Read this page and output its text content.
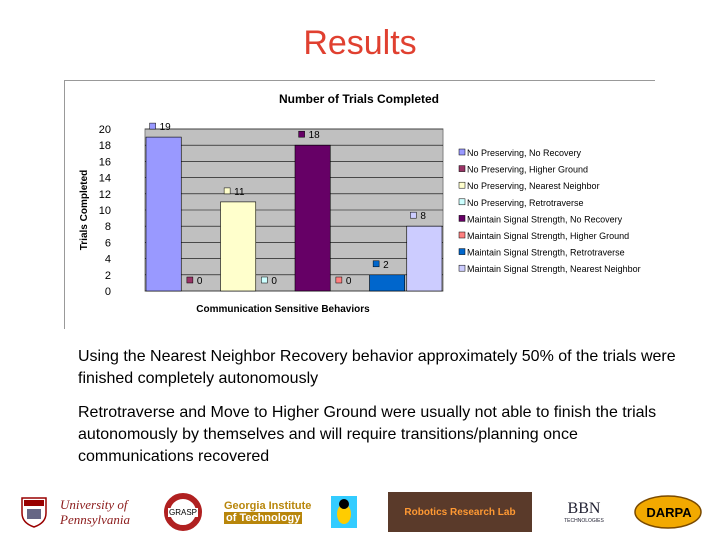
Results
0
2
4
6
8
10
12
14
16
18
20
Number of Trials Completed
Communication Sensitive Behaviors
Trials Completed
19
0
11
0
18
0
2
8
No Preserving, No Recovery
No Preserving, Higher Ground
No Preserving, Nearest Neighbor
No Preserving, Retrotraverse
Maintain Signal Strength, No Recovery
Maintain Signal Strength, Higher Ground
Maintain Signal Strength, Retrotraverse
Maintain Signal Strength, Nearest Neighbor
Using the Nearest Neighbor Recovery behavior approximately 50% of the trials were finished completely autonomously
Retrotraverse and Move to Higher Ground were usually not able to finish the trials autonomously by themselves and will require transitions/planning once communications recovered
University of Pennsylvania	GRASP Georgia Institute
of Technology	Robotics Research Lab	BBN
TECHNOLOGIES
DARPA
